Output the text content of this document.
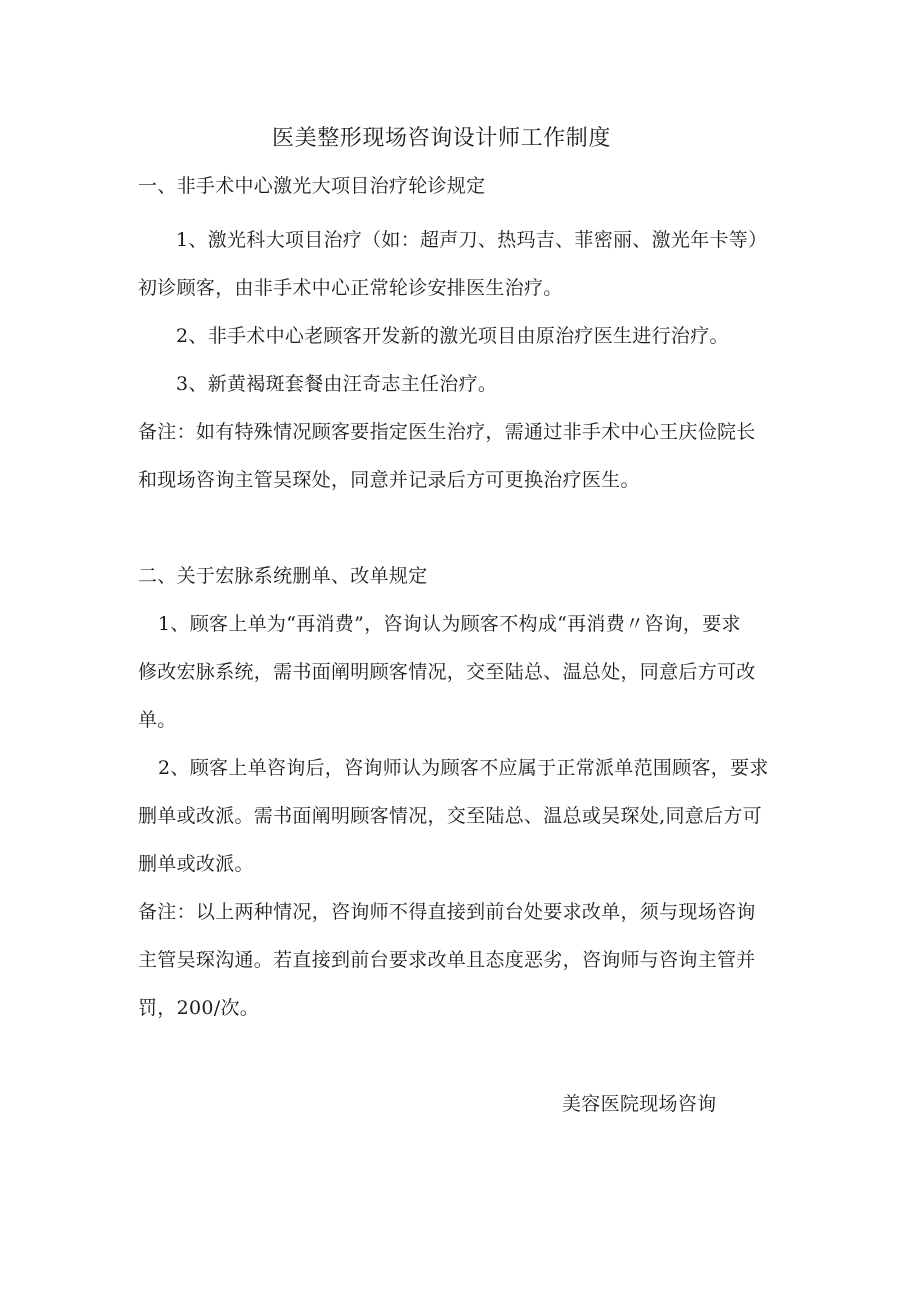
医美整形现场咨询设计师工作制度
一、非手术中心激光大项目治疗轮诊规定
1、激光科大项目治疗（如：超声刀、热玛吉、菲密丽、激光年卡等）
初诊顾客，由非手术中心正常轮诊安排医生治疗。
2、非手术中心老顾客开发新的激光项目由原治疗医生进行治疗。
3、新黄褐斑套餐由汪奇志主任治疗。
备注：如有特殊情况顾客要指定医生治疗，需通过非手术中心王庆俭院长
和现场咨询主管吴琛处，同意并记录后方可更换治疗医生。
二、关于宏脉系统删单、改单规定
1、顾客上单为“再消费”，咨询认为顾客不构成“再消费〃咨询，要求
修改宏脉系统，需书面阐明顾客情况，交至陆总、温总处，同意后方可改
单。
2、顾客上单咨询后，咨询师认为顾客不应属于正常派单范围顾客，要求
删单或改派。需书面阐明顾客情况，交至陆总、温总或吴琛处,同意后方可
删单或改派。
备注：以上两种情况，咨询师不得直接到前台处要求改单，须与现场咨询
主管吴琛沟通。若直接到前台要求改单且态度恶劣，咨询师与咨询主管并
罚，200/次。
美容医院现场咨询
